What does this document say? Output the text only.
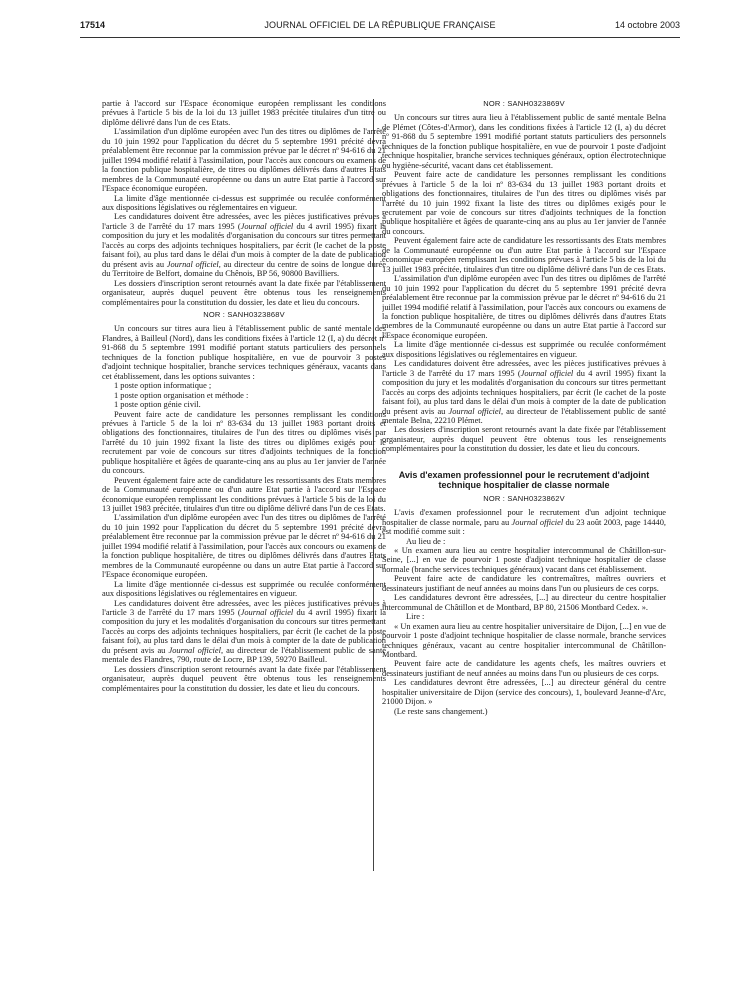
17514	JOURNAL OFFICIEL DE LA RÉPUBLIQUE FRANÇAISE	14 octobre 2003

partie à l'accord sur l'Espace économique européen remplissant les conditions prévues à l'article 5 bis de la loi du 13 juillet 1983 précitée titulaires d'un titre ou diplôme délivré dans l'un de ces Etats.

L'assimilation d'un diplôme européen avec l'un des titres ou diplômes de l'arrêté du 10 juin 1992 pour l'application du décret du 5 septembre 1991 précité devra préalablement être reconnue par la commission prévue par le décret nº 94-616 du 21 juillet 1994 modifié relatif à l'assimilation, pour l'accès aux concours ou examens de la fonction publique hospitalière, de titres ou diplômes délivrés dans d'autres Etats membres de la Communauté européenne ou dans un autre Etat partie à l'accord sur l'Espace économique européen.

La limite d'âge mentionnée ci-dessus est supprimée ou reculée conformément aux dispositions législatives ou réglementaires en vigueur.

Les candidatures doivent être adressées, avec les pièces justificatives prévues à l'article 3 de l'arrêté du 17 mars 1995 (Journal officiel du 4 avril 1995) fixant la composition du jury et les modalités d'organisation du concours sur titres permettant l'accès au corps des adjoints techniques hospitaliers, par écrit (le cachet de la poste faisant foi), au plus tard dans le délai d'un mois à compter de la date de publication du présent avis au Journal officiel, au directeur du centre de soins de longue durée du Territoire de Belfort, domaine du Chênois, BP 56, 90800 Bavilliers.

Les dossiers d'inscription seront retournés avant la date fixée par l'établissement organisateur, auprès duquel peuvent être obtenus tous les renseignements complémentaires pour la constitution du dossier, les date et lieu du concours.

NOR : SANH0323868V

Un concours sur titres aura lieu à l'établissement public de santé mentale des Flandres, à Bailleul (Nord), dans les conditions fixées à l'article 12 (I, a) du décret nº 91-868 du 5 septembre 1991 modifié portant statuts particuliers des personnels techniques de la fonction publique hospitalière, en vue de pourvoir 3 postes d'adjoint technique hospitalier, branche services techniques généraux, vacants dans cet établissement, dans les options suivantes :

1 poste option informatique ;

1 poste option organisation et méthode :

1 poste option génie civil.

Peuvent faire acte de candidature les personnes remplissant les conditions prévues à l'article 5 de la loi nº 83-634 du 13 juillet 1983 portant droits et obligations des fonctionnaires, titulaires de l'un des titres ou diplômes visés par l'arrêté du 10 juin 1992 fixant la liste des titres ou diplômes exigés pour le recrutement par voie de concours sur titres d'adjoints techniques de la fonction publique hospitalière et âgées de quarante-cinq ans au plus au 1er janvier de l'année du concours.

Peuvent également faire acte de candidature les ressortissants des Etats membres de la Communauté européenne ou d'un autre Etat partie à l'accord sur l'Espace économique européen remplissant les conditions prévues à l'article 5 bis de la loi du 13 juillet 1983 précitée, titulaires d'un titre ou diplôme délivré dans l'un de ces Etats.

L'assimilation d'un diplôme européen avec l'un des titres ou diplômes de l'arrêté du 10 juin 1992 pour l'application du décret du 5 septembre 1991 précité devra préalablement être reconnue par la commission prévue par le décret nº 94-616 du 21 juillet 1994 modifié relatif à l'assimilation, pour l'accès aux concours ou examens de la fonction publique hospitalière, de titres ou diplômes délivrés dans d'autres Etats membres de la Communauté européenne ou dans un autre Etat partie à l'accord sur l'Espace économique européen.

La limite d'âge mentionnée ci-dessus est supprimée ou reculée conformément aux dispositions législatives ou réglementaires en vigueur.

Les candidatures doivent être adressées, avec les pièces justificatives prévues à l'article 3 de l'arrêté du 17 mars 1995 (Journal officiel du 4 avril 1995) fixant la composition du jury et les modalités d'organisation du concours sur titres permettant l'accès au corps des adjoints techniques hospitaliers, par écrit (le cachet de la poste faisant foi), au plus tard dans le délai d'un mois à compter de la date de publication du présent avis au Journal officiel, au directeur de l'établissement public de santé mentale des Flandres, 790, route de Locre, BP 139, 59270 Bailleul.

Les dossiers d'inscription seront retournés avant la date fixée par l'établissement organisateur, auprès duquel peuvent être obtenus tous les renseignements complémentaires pour la constitution du dossier, les date et lieu du concours.

NOR : SANH0323869V

Un concours sur titres aura lieu à l'établissement public de santé mentale Belna de Plémet (Côtes-d'Armor), dans les conditions fixées à l'article 12 (I, a) du décret nº 91-868 du 5 septembre 1991 modifié portant statuts particuliers des personnels techniques de la fonction publique hospitalière, en vue de pourvoir 1 poste d'adjoint technique hospitalier, branche services techniques généraux, option électrotechnique ou hygiène-sécurité, vacant dans cet établissement.

Peuvent faire acte de candidature les personnes remplissant les conditions prévues à l'article 5 de la loi nº 83-634 du 13 juillet 1983 portant droits et obligations des fonctionnaires, titulaires de l'un des titres ou diplômes visés par l'arrêté du 10 juin 1992 fixant la liste des titres ou diplômes exigés pour le recrutement par voie de concours sur titres d'adjoints techniques de la fonction publique hospitalière et âgées de quarante-cinq ans au plus au 1er janvier de l'année du concours.

Peuvent également faire acte de candidature les ressortissants des Etats membres de la Communauté européenne ou d'un autre Etat partie à l'accord sur l'Espace économique européen remplissant les conditions prévues à l'article 5 bis de la loi du 13 juillet 1983 précitée, titulaires d'un titre ou diplôme délivré dans l'un de ces Etats.

L'assimilation d'un diplôme européen avec l'un des titres ou diplômes de l'arrêté du 10 juin 1992 pour l'application du décret du 5 septembre 1991 précité devra préalablement être reconnue par la commission prévue par le décret nº 94-616 du 21 juillet 1994 modifié relatif à l'assimilation, pour l'accès aux concours ou examens de la fonction publique hospitalière, de titres ou diplômes délivrés dans d'autres Etats membres de la Communauté européenne ou dans un autre Etat partie à l'accord sur l'Espace économique européen.

La limite d'âge mentionnée ci-dessus est supprimée ou reculée conformément aux dispositions législatives ou réglementaires en vigueur.

Les candidatures doivent être adressées, avec les pièces justificatives prévues à l'article 3 de l'arrêté du 17 mars 1995 (Journal officiel du 4 avril 1995) fixant la composition du jury et les modalités d'organisation du concours sur titres permettant l'accès au corps des adjoints techniques hospitaliers, par écrit (le cachet de la poste faisant foi), au plus tard dans le délai d'un mois à compter de la date de publication du présent avis au Journal officiel, au directeur de l'établissement public de santé mentale Belna, 22210 Plémet.

Les dossiers d'inscription seront retournés avant la date fixée par l'établissement organisateur, auprès duquel peuvent être obtenus tous les renseignements complémentaires pour la constitution du dossier, les date et lieu du concours.

Avis d'examen professionnel pour le recrutement d'adjoint technique hospitalier de classe normale
NOR : SANH0323862V

L'avis d'examen professionnel pour le recrutement d'un adjoint technique hospitalier de classe normale, paru au Journal officiel du 23 août 2003, page 14440, est modifié comme suit :

Au lieu de :

« Un examen aura lieu au centre hospitalier intercommunal de Châtillon-sur-Seine, [...] en vue de pourvoir 1 poste d'adjoint technique hospitalier de classe normale (branche services techniques généraux) vacant dans cet établissement.

Peuvent faire acte de candidature les contremaîtres, maîtres ouvriers et dessinateurs justifiant de neuf années au moins dans l'un ou plusieurs de ces corps.

Les candidatures devront être adressées, [...] au directeur du centre hospitalier intercommunal de Châtillon et de Montbard, BP 80, 21506 Montbard Cedex. ».

Lire :

« Un examen aura lieu au centre hospitalier universitaire de Dijon, [...] en vue de pourvoir 1 poste d'adjoint technique hospitalier de classe normale, branche services techniques généraux, vacant au centre hospitalier intercommunal de Châtillon-Montbard.

Peuvent faire acte de candidature les agents chefs, les maîtres ouvriers et dessinateurs justifiant de neuf années au moins dans l'un ou plusieurs de ces corps.

Les candidatures devront être adressées, [...] au directeur général du centre hospitalier universitaire de Dijon (service des concours), 1, boulevard Jeanne-d'Arc, 21000 Dijon. »

(Le reste sans changement.)
